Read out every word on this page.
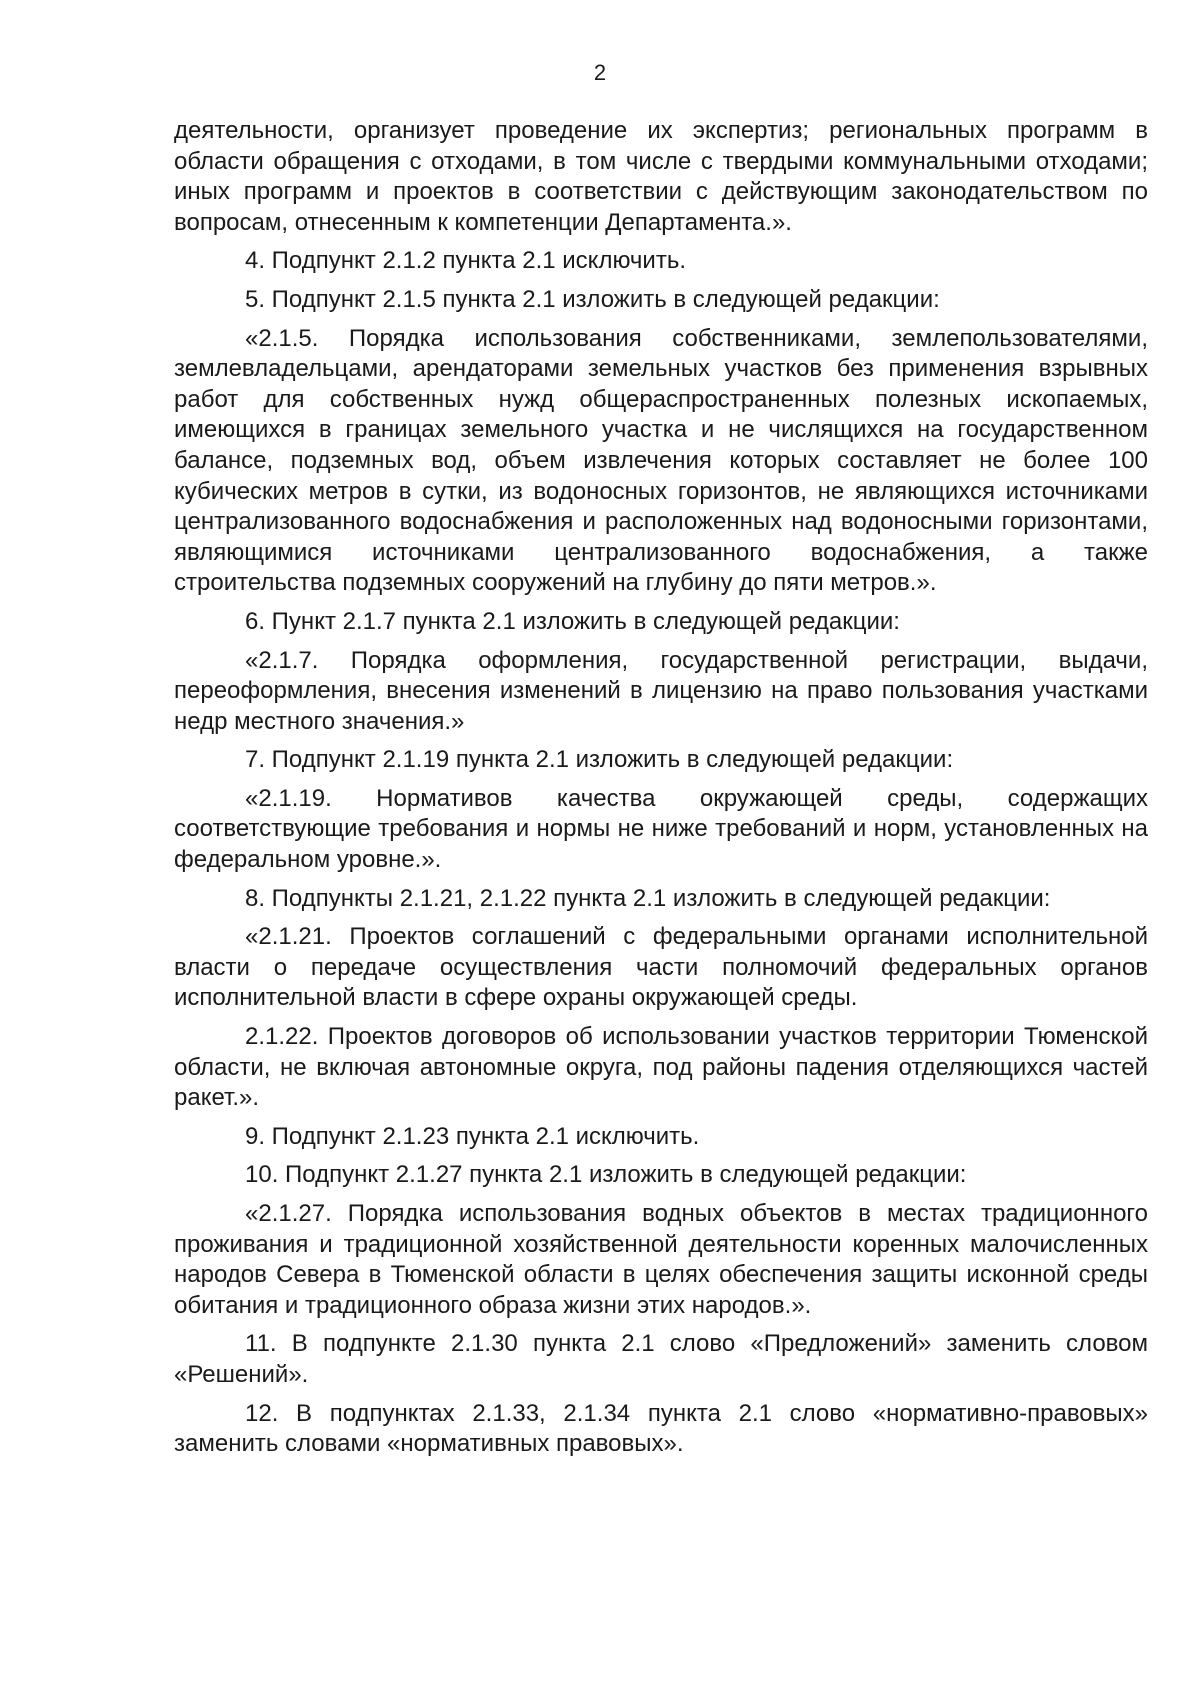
2

деятельности, организует проведение их экспертиз; региональных программ в области обращения с отходами, в том числе с твердыми коммунальными отходами; иных программ и проектов в соответствии с действующим законодательством по вопросам, отнесенным к компетенции Департамента.».

4. Подпункт 2.1.2 пункта 2.1 исключить.

5. Подпункт 2.1.5 пункта 2.1 изложить в следующей редакции:

«2.1.5. Порядка использования собственниками, землепользователями, землевладельцами, арендаторами земельных участков без применения взрывных работ для собственных нужд общераспространенных полезных ископаемых, имеющихся в границах земельного участка и не числящихся на государственном балансе, подземных вод, объем извлечения которых составляет не более 100 кубических метров в сутки, из водоносных горизонтов, не являющихся источниками централизованного водоснабжения и расположенных над водоносными горизонтами, являющимися источниками централизованного водоснабжения, а также строительства подземных сооружений на глубину до пяти метров.».

6. Пункт 2.1.7 пункта 2.1 изложить в следующей редакции:

«2.1.7. Порядка оформления, государственной регистрации, выдачи, переоформления, внесения изменений в лицензию на право пользования участками недр местного значения.»

7. Подпункт 2.1.19 пункта 2.1 изложить в следующей редакции:

«2.1.19. Нормативов качества окружающей среды, содержащих соответствующие требования и нормы не ниже требований и норм, установленных на федеральном уровне.».

8. Подпункты 2.1.21, 2.1.22 пункта 2.1 изложить в следующей редакции:

«2.1.21. Проектов соглашений с федеральными органами исполнительной власти о передаче осуществления части полномочий федеральных органов исполнительной власти в сфере охраны окружающей среды.

2.1.22. Проектов договоров об использовании участков территории Тюменской области, не включая автономные округа, под районы падения отделяющихся частей ракет.».

9. Подпункт 2.1.23 пункта 2.1 исключить.

10. Подпункт 2.1.27 пункта 2.1 изложить в следующей редакции:

«2.1.27. Порядка использования водных объектов в местах традиционного проживания и традиционной хозяйственной деятельности коренных малочисленных народов Севера в Тюменской области в целях обеспечения защиты исконной среды обитания и традиционного образа жизни этих народов.».

11. В подпункте 2.1.30 пункта 2.1 слово «Предложений» заменить словом «Решений».

12. В подпунктах 2.1.33, 2.1.34 пункта 2.1 слово «нормативно-правовых» заменить словами «нормативных правовых».
